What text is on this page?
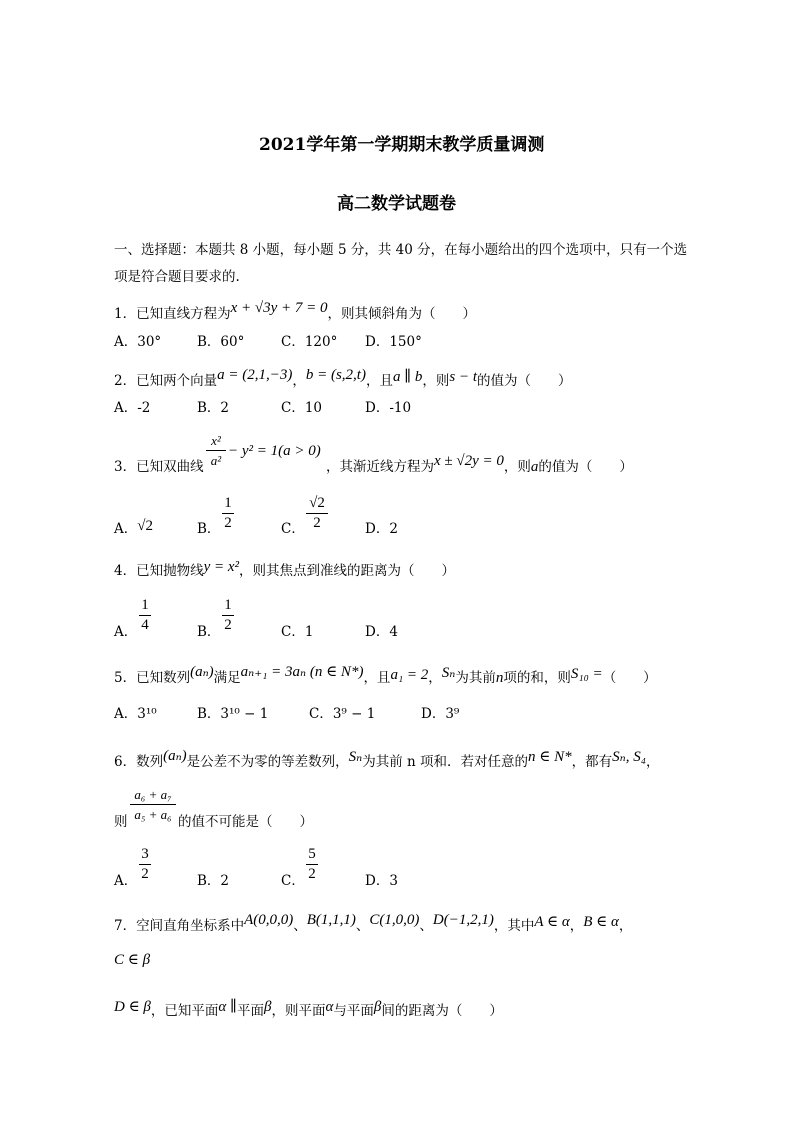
2021学年第一学期期末教学质量调测
高二数学试题卷
一、选择题：本题共 8 小题，每小题 5 分，共 40 分，在每小题给出的四个选项中，只有一个选
项是符合题目要求的.
1．已知直线方程为x + √3y + 7 = 0，则其倾斜角为（　　）
A．30°	B．60°	C．120° D．150°
2．已知两个向量a = (2,1,−3)，b = (s,2,t)，且a ∥ b，则s − t的值为（　　）
A．-2	B．2	C．10	D．-10
3．已知双曲线
x²
a²
− y² = 1(a > 0)
，其渐近线方程为x ± √2y = 0，则a的值为（　　）
A．√2	B．
1
2	C．
√2
2	D．2
4．已知抛物线y = x²，则其焦点到准线的距离为（　　）
A．
1
4	B．
1
2	C．1	D．4
5．已知数列(aₙ)满足aₙ₊₁ = 3aₙ (n ∈ N*)，且a₁ = 2，Sₙ为其前n项的和，则S₁₀ =（　　）
A．3¹⁰	B．3¹⁰ − 1	C．3⁹ − 1	D．3⁹
6．数列(aₙ)是公差不为零的等差数列，Sₙ为其前 n 项和．若对任意的n ∈ N*，都有Sₙ, S₄，
a₆ + a₇
a₅ + a₆
则	的值不可能是（　　）
A．
3
2	B．2	C．
5
2	D．3
7．空间直角坐标系中A(0,0,0)、B(1,1,1)、C(1,0,0)、D(−1,2,1)，其中A ∈ α，B ∈ α，
C ∈ β
D ∈ β，已知平面α ∥平面β，则平面α与平面β间的距离为（　　）
